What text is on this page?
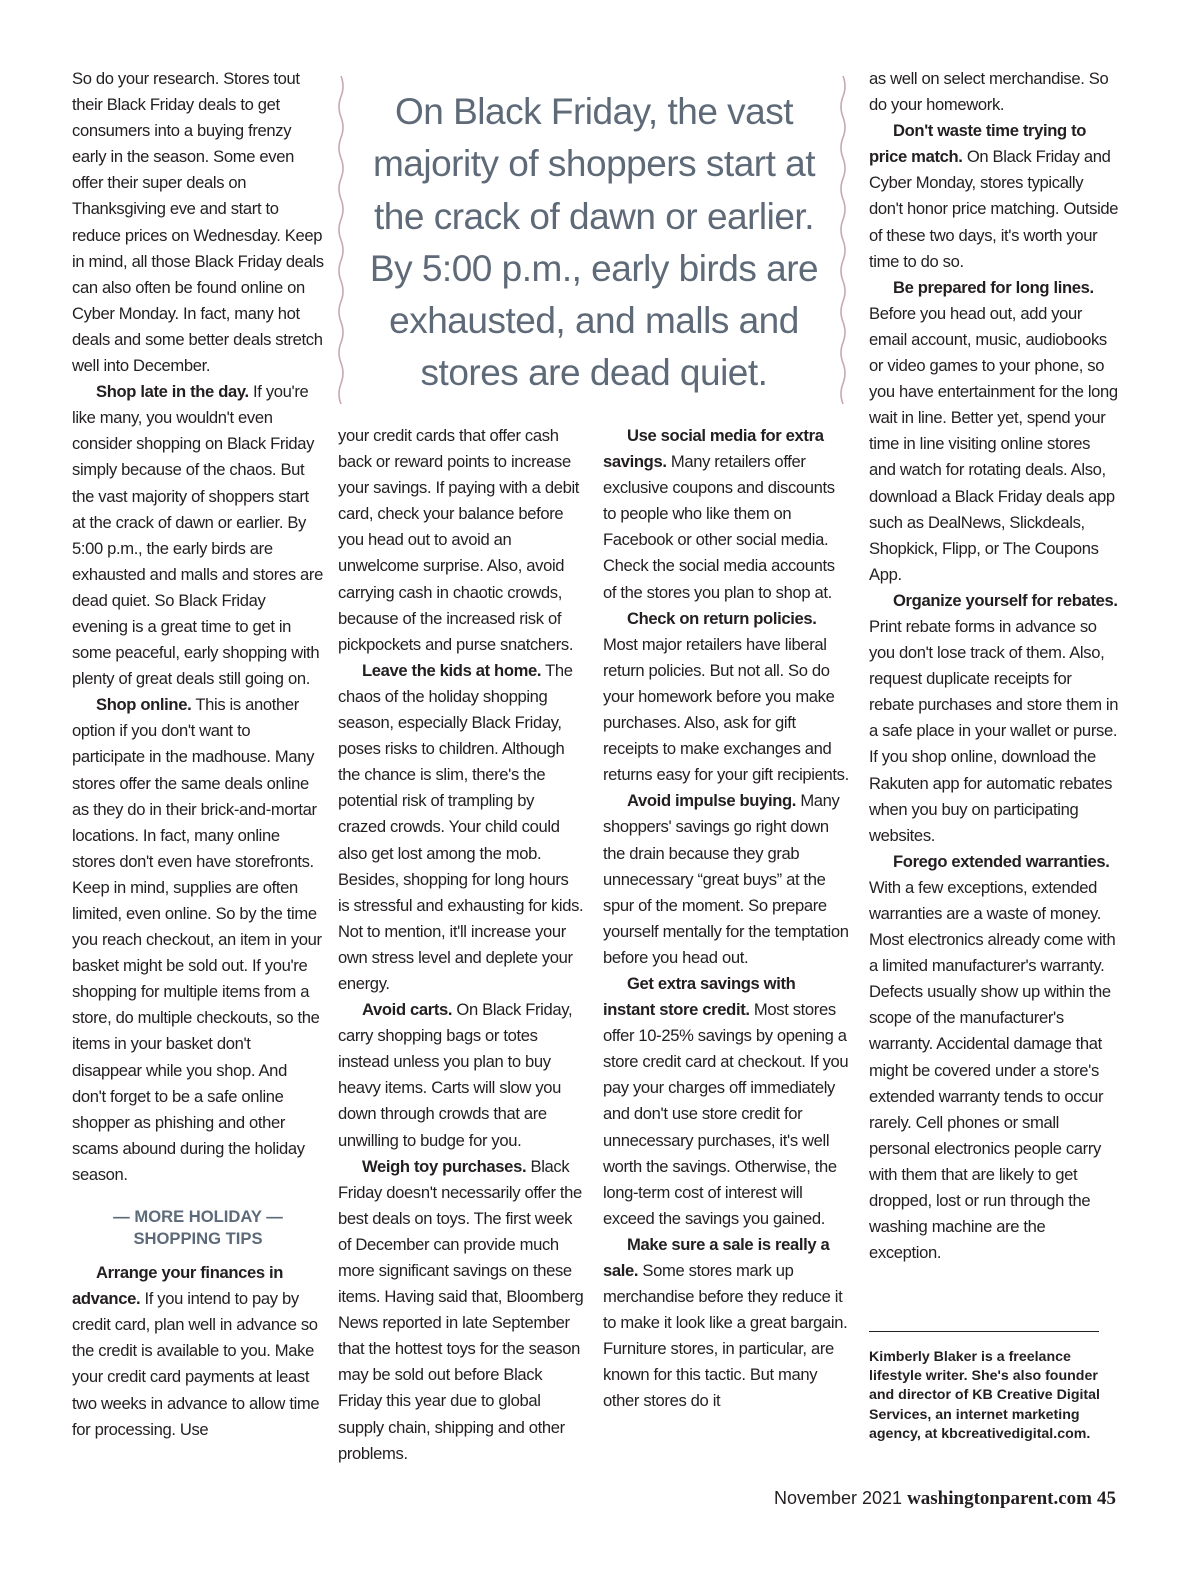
So do your research. Stores tout their Black Friday deals to get consumers into a buying frenzy early in the season. Some even offer their super deals on Thanksgiving eve and start to reduce prices on Wednesday. Keep in mind, all those Black Friday deals can also often be found online on Cyber Monday. In fact, many hot deals and some better deals stretch well into December.

Shop late in the day. If you're like many, you wouldn't even consider shopping on Black Friday simply because of the chaos. But the vast majority of shoppers start at the crack of dawn or earlier. By 5:00 p.m., the early birds are exhausted and malls and stores are dead quiet. So Black Friday evening is a great time to get in some peaceful, early shopping with plenty of great deals still going on.

Shop online. This is another option if you don't want to participate in the madhouse. Many stores offer the same deals online as they do in their brick-and-mortar locations. In fact, many online stores don't even have storefronts. Keep in mind, supplies are often limited, even online. So by the time you reach checkout, an item in your basket might be sold out. If you're shopping for multiple items from a store, do multiple checkouts, so the items in your basket don't disappear while you shop. And don't forget to be a safe online shopper as phishing and other scams abound during the holiday season.

— MORE HOLIDAY —
SHOPPING TIPS

Arrange your finances in advance. If you intend to pay by credit card, plan well in advance so the credit is available to you. Make your credit card payments at least two weeks in advance to allow time for processing. Use

On Black Friday, the vast majority of shoppers start at the crack of dawn or earlier. By 5:00 p.m., early birds are exhausted, and malls and stores are dead quiet.

your credit cards that offer cash back or reward points to increase your savings. If paying with a debit card, check your balance before you head out to avoid an unwelcome surprise. Also, avoid carrying cash in chaotic crowds, because of the increased risk of pickpockets and purse snatchers.

Leave the kids at home. The chaos of the holiday shopping season, especially Black Friday, poses risks to children. Although the chance is slim, there's the potential risk of trampling by crazed crowds. Your child could also get lost among the mob. Besides, shopping for long hours is stressful and exhausting for kids. Not to mention, it'll increase your own stress level and deplete your energy.

Avoid carts. On Black Friday, carry shopping bags or totes instead unless you plan to buy heavy items. Carts will slow you down through crowds that are unwilling to budge for you.

Weigh toy purchases. Black Friday doesn't necessarily offer the best deals on toys. The first week of December can provide much more significant savings on these items. Having said that, Bloomberg News reported in late September that the hottest toys for the season may be sold out before Black Friday this year due to global supply chain, shipping and other problems.

Use social media for extra savings. Many retailers offer exclusive coupons and discounts to people who like them on Facebook or other social media. Check the social media accounts of the stores you plan to shop at.

Check on return policies. Most major retailers have liberal return policies. But not all. So do your homework before you make purchases. Also, ask for gift receipts to make exchanges and returns easy for your gift recipients.

Avoid impulse buying. Many shoppers' savings go right down the drain because they grab unnecessary “great buys” at the spur of the moment. So prepare yourself mentally for the temptation before you head out.

Get extra savings with instant store credit. Most stores offer 10-25% savings by opening a store credit card at checkout. If you pay your charges off immediately and don't use store credit for unnecessary purchases, it's well worth the savings. Otherwise, the long-term cost of interest will exceed the savings you gained.

Make sure a sale is really a sale. Some stores mark up merchandise before they reduce it to make it look like a great bargain. Furniture stores, in particular, are known for this tactic. But many other stores do it

as well on select merchandise. So do your homework.

Don't waste time trying to price match. On Black Friday and Cyber Monday, stores typically don't honor price matching. Outside of these two days, it's worth your time to do so.

Be prepared for long lines. Before you head out, add your email account, music, audiobooks or video games to your phone, so you have entertainment for the long wait in line. Better yet, spend your time in line visiting online stores and watch for rotating deals. Also, download a Black Friday deals app such as DealNews, Slickdeals, Shopkick, Flipp, or The Coupons App.

Organize yourself for rebates. Print rebate forms in advance so you don't lose track of them. Also, request duplicate receipts for rebate purchases and store them in a safe place in your wallet or purse. If you shop online, download the Rakuten app for automatic rebates when you buy on participating websites.

Forego extended warranties. With a few exceptions, extended warranties are a waste of money. Most electronics already come with a limited manufacturer's warranty. Defects usually show up within the scope of the manufacturer's warranty. Accidental damage that might be covered under a store's extended warranty tends to occur rarely. Cell phones or small personal electronics people carry with them that are likely to get dropped, lost or run through the washing machine are the exception.

Kimberly Blaker is a freelance lifestyle writer. She's also founder and director of KB Creative Digital Services, an internet marketing agency, at kbcreativedigital.com.
November 2021 washingtonparent.com 45
